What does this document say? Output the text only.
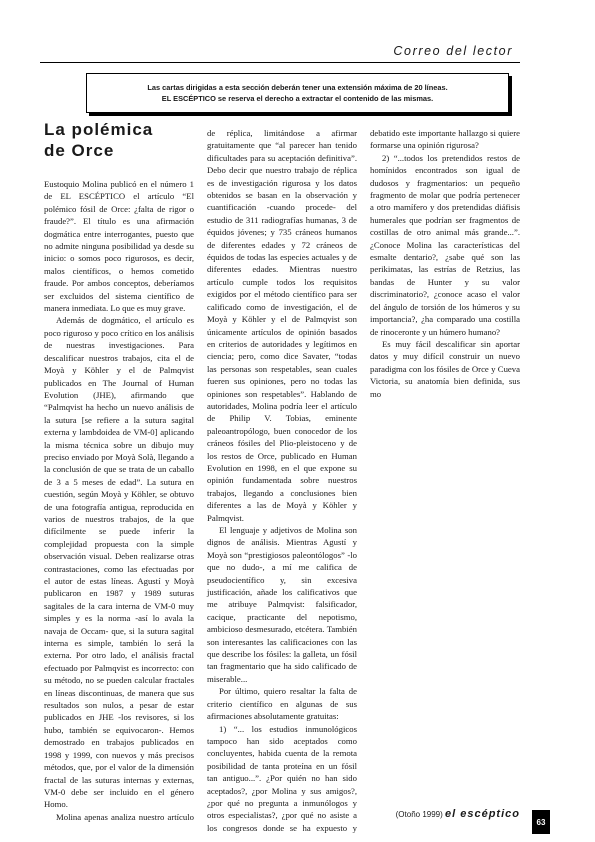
Correo del lector
Las cartas dirigidas a esta sección deberán tener una extensión máxima de 20 líneas.
EL ESCÉPTICO se reserva el derecho a extractar el contenido de las mismas.
La polémica
de Orce

Eustoquio Molina publicó en el número 1 de EL ESCÉPTICO el artículo “El polémico fósil de Orce: ¿falta de rigor o fraude?”. El título es una afirmación dogmática entre interrogantes, puesto que no admite ninguna posibilidad ya desde su inicio: o somos poco rigurosos, es decir, malos científicos, o hemos cometido fraude. Por ambos conceptos, deberíamos ser excluidos del sistema científico de manera inmediata. Lo que es muy grave.

Además de dogmático, el artículo es poco riguroso y poco crítico en los análisis de nuestras investigaciones. Para descalificar nuestros trabajos, cita el de Moyà y Köhler y el de Palmqvist publicados en The Journal of Human Evolution (JHE), afirmando que “Palmqvist ha hecho un nuevo análisis de la sutura [se refiere a la sutura sagital externa y lambdoidea de VM-0] aplicando la misma técnica sobre un dibujo muy preciso enviado por Moyà Solà, llegando a la conclusión de que se trata de un caballo de 3 a 5 meses de edad”. La sutura en cuestión, según Moyà y Köhler, se obtuvo de una fotografía antigua, reproducida en varios de nuestros trabajos, de la que difícilmente se puede inferir la complejidad propuesta con la simple observación visual. Deben realizarse otras contrastaciones, como las efectuadas por el autor de estas líneas. Agustí y Moyà publicaron en 1987 y 1989 suturas sagitales de la cara interna de VM-0 muy simples y es la norma -así lo avala la navaja de Occam- que, si la sutura sagital interna es simple, también lo será la externa. Por otro lado, el análisis fractal efectuado por Palmqvist es incorrecto: con su método, no se pueden calcular fractales en líneas discontinuas, de manera que sus resultados son nulos, a pesar de estar publicados en JHE -los revisores, si los hubo, también se equivocaron-. Hemos demostrado en trabajos publicados en 1998 y 1999, con nuevos y más precisos métodos, que, por el valor de la dimensión fractal de las suturas internas y externas, VM-0 debe ser incluido en el género Homo.

Molina apenas analiza nuestro artículo

de réplica, limitándose a afirmar gratuitamente que “al parecer han tenido dificultades para su aceptación definitiva”. Debo decir que nuestro trabajo de réplica es de investigación rigurosa y los datos obtenidos se basan en la observación y cuantificación -cuando procede- del estudio de 311 radiografías humanas, 3 de équidos jóvenes; y 735 cráneos humanos de diferentes edades y 72 cráneos de équidos de todas las especies actuales y de diferentes edades. Mientras nuestro artículo cumple todos los requisitos exigidos por el método científico para ser calificado como de investigación, el de Moyà y Köhler y el de Palmqvist son únicamente artículos de opinión basados en criterios de autoridades y legítimos en ciencia; pero, como dice Savater, “todas las personas son respetables, sean cuales fueren sus opiniones, pero no todas las opiniones son respetables”. Hablando de autoridades, Molina podría leer el artículo de Philip V. Tobias, eminente paleoantropólogo, buen conocedor de los cráneos fósiles del Plio-pleistoceno y de los restos de Orce, publicado en Human Evolution en 1998, en el que expone su opinión fundamentada sobre nuestros trabajos, llegando a conclusiones bien diferentes a las de Moyà y Köhler y Palmqvist.

El lenguaje y adjetivos de Molina son dignos de análisis. Mientras Agustí y Moyà son “prestigiosos paleontólogos” -lo que no dudo-, a mí me califica de pseudocientífico y, sin excesiva justificación, añade los calificativos que me atribuye Palmqvist: falsificador, cacique, practicante del nepotismo, ambicioso desmesurado, etcétera. También son interesantes las calificaciones con las que describe los fósiles: la galleta, un fósil tan fragmentario que ha sido calificado de miserable...

Por último, quiero resaltar la falta de criterio científico en algunas de sus afirmaciones absolutamente gratuitas:

1) “... los estudios inmunológicos tampoco han sido aceptados como concluyentes, habida cuenta de la remota posibilidad de tanta proteína en un fósil tan antiguo...”. ¿Por quién no han sido aceptados?, ¿por Molina y sus amigos?, ¿por qué no pregunta a inmunólogos y otros especialistas?, ¿por qué no asiste a los congresos donde se ha expuesto y

debatido este importante hallazgo si quiere formarse una opinión rigurosa?

2) “...todos los pretendidos restos de homínidos encontrados son igual de dudosos y fragmentarios: un pequeño fragmento de molar que podría pertenecer a otro mamífero y dos pretendidas diáfisis humerales que podrían ser fragmentos de costillas de otro animal más grande...”. ¿Conoce Molina las características del esmalte dentario?, ¿sabe qué son las perikimatas, las estrías de Retzius, las bandas de Hunter y su valor discriminatorio?, ¿conoce acaso el valor del ángulo de torsión de los húmeros y su importancia?, ¿ha comparado una costilla de rinoceronte y un húmero humano?

Es muy fácil descalificar sin aportar datos y muy difícil construir un nuevo paradigma con los fósiles de Orce y Cueva Victoria, su anatomía bien definida, sus mo

(Otoño 1999) el escéptico
63
